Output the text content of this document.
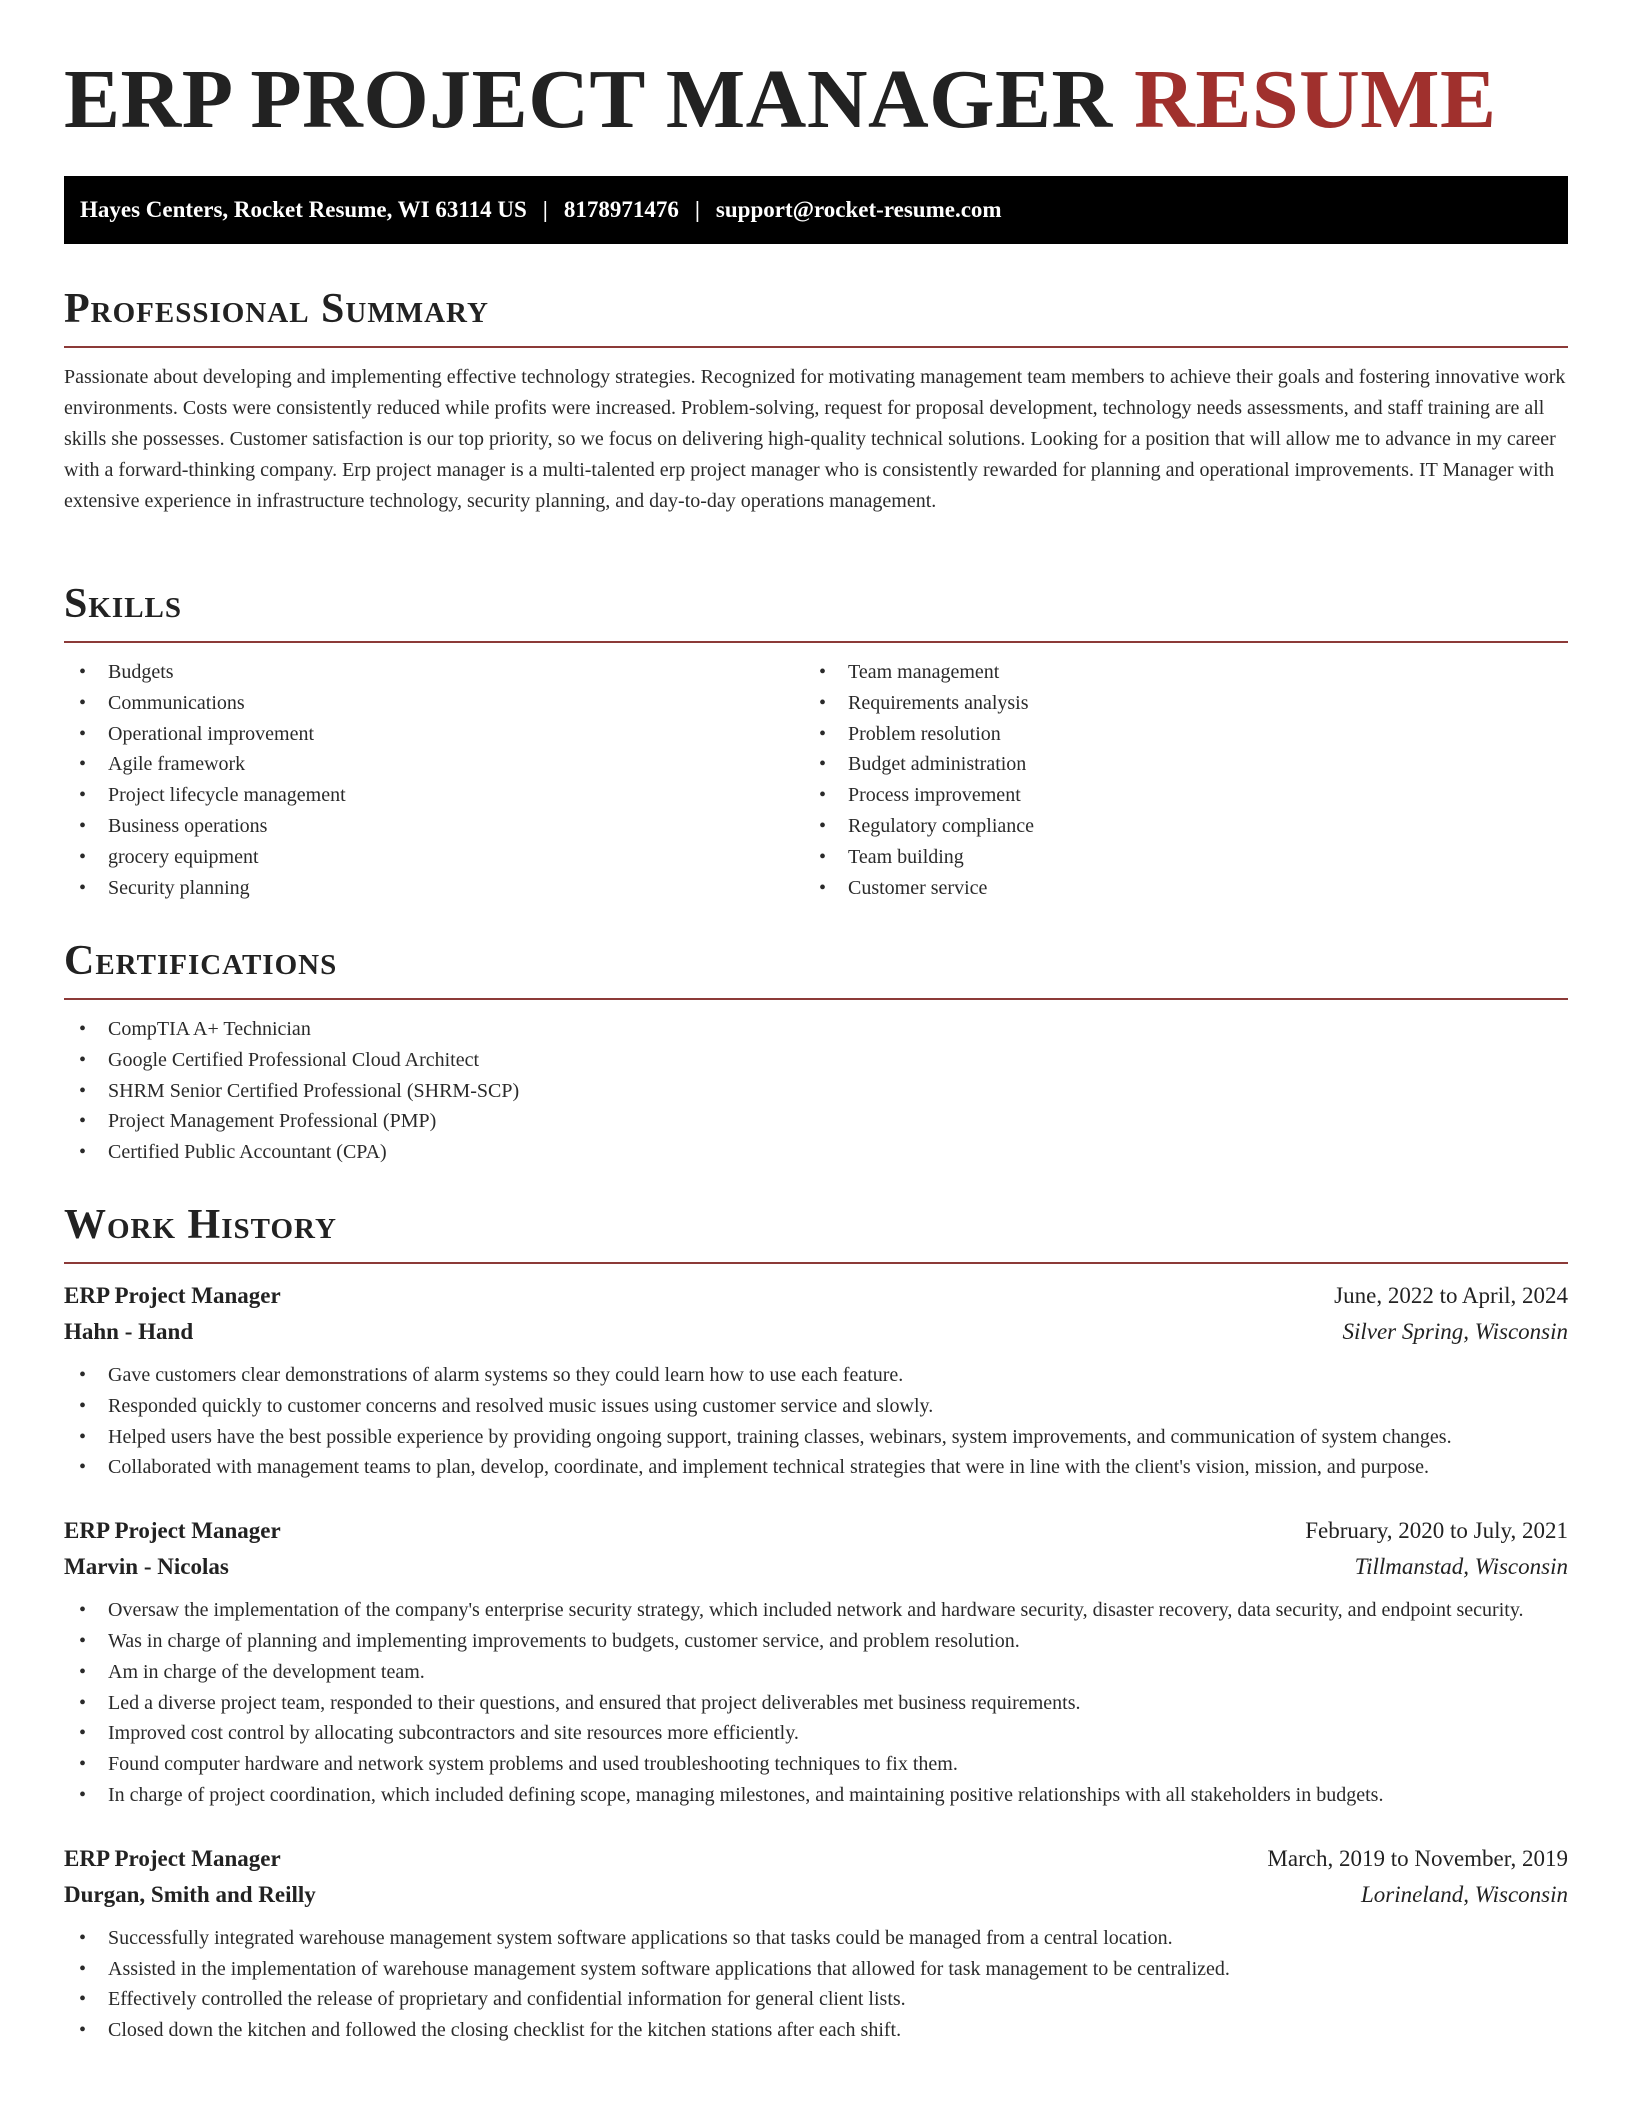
ERP PROJECT MANAGER RESUME
Hayes Centers, Rocket Resume, WI 63114 US | 8178971476 | support@rocket-resume.com
Professional Summary

Passionate about developing and implementing effective technology strategies. Recognized for motivating management team members to achieve their goals and fostering innovative work environments. Costs were consistently reduced while profits were increased. Problem-solving, request for proposal development, technology needs assessments, and staff training are all skills she possesses. Customer satisfaction is our top priority, so we focus on delivering high-quality technical solutions. Looking for a position that will allow me to advance in my career with a forward-thinking company. Erp project manager is a multi-talented erp project manager who is consistently rewarded for planning and operational improvements. IT Manager with extensive experience in infrastructure technology, security planning, and day-to-day operations management.

Skills
• Budgets
• Communications
• Operational improvement
• Agile framework
• Project lifecycle management
• Business operations
• grocery equipment
• Security planning
• Team management
• Requirements analysis
• Problem resolution
• Budget administration
• Process improvement
• Regulatory compliance
• Team building
• Customer service
Certifications
• CompTIA A+ Technician
• Google Certified Professional Cloud Architect
• SHRM Senior Certified Professional (SHRM-SCP)
• Project Management Professional (PMP)
• Certified Public Accountant (CPA)
Work History
ERP Project Manager	June, 2022 to April, 2024
Hahn - Hand	Silver Spring, Wisconsin
• Gave customers clear demonstrations of alarm systems so they could learn how to use each feature.
• Responded quickly to customer concerns and resolved music issues using customer service and slowly.
• Helped users have the best possible experience by providing ongoing support, training classes, webinars, system improvements, and communication of system changes.
• Collaborated with management teams to plan, develop, coordinate, and implement technical strategies that were in line with the client's vision, mission, and purpose.
ERP Project Manager	February, 2020 to July, 2021
Marvin - Nicolas	Tillmanstad, Wisconsin
• Oversaw the implementation of the company's enterprise security strategy, which included network and hardware security, disaster recovery, data security, and endpoint security.
• Was in charge of planning and implementing improvements to budgets, customer service, and problem resolution.
• Am in charge of the development team.
• Led a diverse project team, responded to their questions, and ensured that project deliverables met business requirements.
• Improved cost control by allocating subcontractors and site resources more efficiently.
• Found computer hardware and network system problems and used troubleshooting techniques to fix them.
• In charge of project coordination, which included defining scope, managing milestones, and maintaining positive relationships with all stakeholders in budgets.
ERP Project Manager	March, 2019 to November, 2019
Durgan, Smith and Reilly	Lorineland, Wisconsin
• Successfully integrated warehouse management system software applications so that tasks could be managed from a central location.
• Assisted in the implementation of warehouse management system software applications that allowed for task management to be centralized.
• Effectively controlled the release of proprietary and confidential information for general client lists.
• Closed down the kitchen and followed the closing checklist for the kitchen stations after each shift.
